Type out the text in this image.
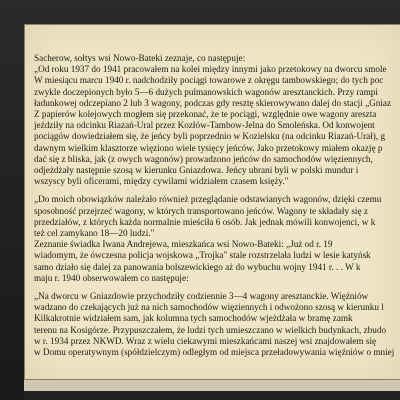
Sacherow, sołtys wsi Nowo-Bateki zeznaje, co następuje:
„Od roku 1937 do 1941 pracowałem na kolei między innymi jako przetokowy na dworcu smole
W miesiącu marcu 1940 r. nadchodziły pociągi towarowe z okręgu tambowskiego; do tych poc
zwykle doczepionych było 5—6 dużych pulmanowskich wagonów aresztanckich. Przy rampi
ładunkowej odczepiano 2 lub 3 wagony, podczas gdy resztę skierowywano dalej do stacji „Gniaz
Z papierów kolejowych mogłem się przekonać, że te pociągi, względnie owe wagony areszta
jeździły na odcinku Riazań-Ural przez Kozłów-Tambow-Jelna do Smoleńska. Od konwojent
pociągów dowiedziałem się, że jeńcy byli poprzednio w Kozielsku (na odcinku Riazań-Urał), g
dawnym wielkim klasztorze więziono wiele tysięcy jeńców. Jako przetokowy miałem okazję p
dać się z bliska, jak (z owych wagonów) prowadzono jeńców do samochodów więziennych,
odjeżdżały następnie szosą w kierunku Gniazdowa. Jeńcy ubrani byli w polski mundur i
wszyscy byli oficerami, między cywilami widziałem czasem księży."
„Do moich obowiązków należało również przeglądanie odstawianych wagonów, dzięki czemu
sposobność przejrzeć wagony, w których transportowano jeńców. Wagony te składały się z
przedziałów, z których każda normalnie mieściła 6 osób. Jak jednak mówili konwojenci, w k
też cel zamykano 18—20 ludzi."
Zeznanie świadka Iwana Andrejewa, mieszkańca wsi Nowo-Bateki: „Już od r. 19
wiadomym, że ówczesna policja wojskowa „Trojka" stale rozstrzelała ludzi w lesie katyńsk
samo działo się dalej za panowania bolszewickiego aż do wybuchu wojny 1941 r. . . W k
maju r. 1940 obserwowałem co następuje:
„Na dworcu w Gniazdowie przychodziły codziennie 3—4 wagony aresztanckie. Więźniów
wadzano do czekających już na nich samochodów więziennych i odwożono szosą w kierunku l
Kilkakrotnie widziałem sam, jak kolumna tych samochodów wjeżdżała w bramę zamk
terenu na Kosigórze. Przypuszczałem, że ludzi tych umieszczano w wielkich budynkach, zbudo
w r. 1934 przez NKWD. Wraz z wielu ciekawymi mieszkańcami naszej wsi znajdowałem się
w Domu operatywnym (spółdzielczym) odległym od miejsca przeładowywania więźniów o mniej
